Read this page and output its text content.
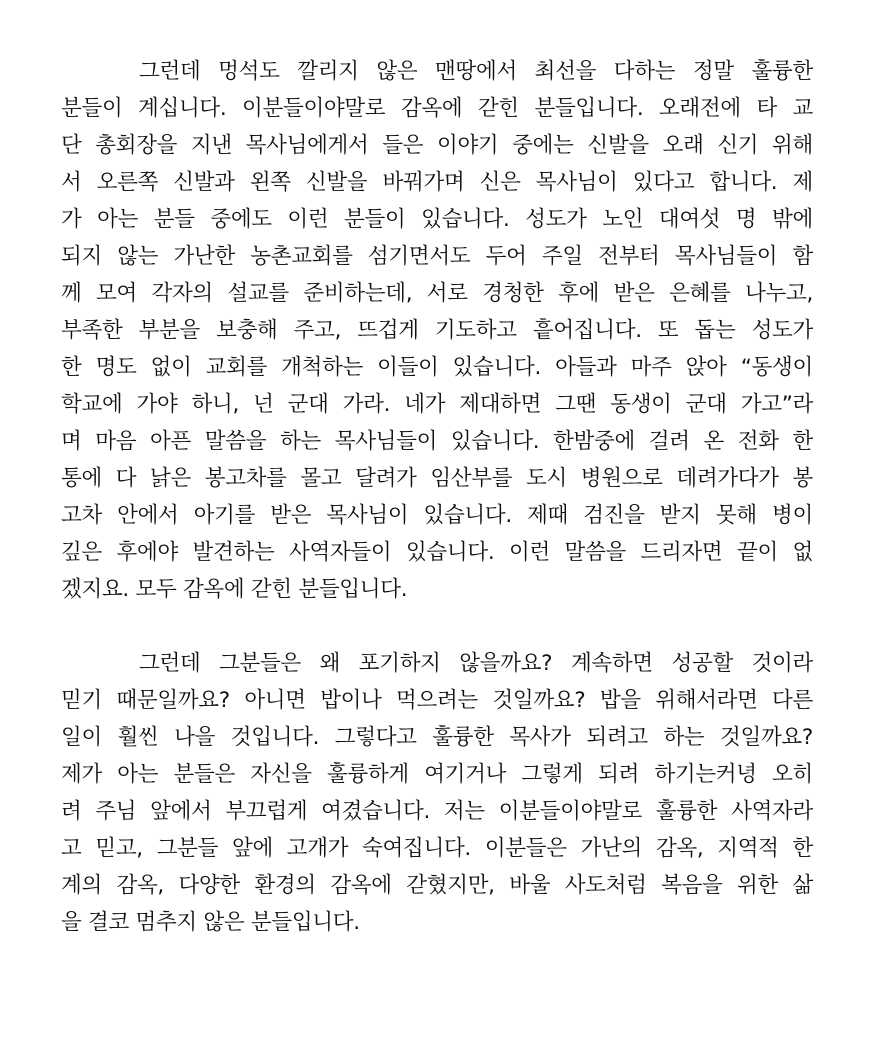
그런데 멍석도 깔리지 않은 맨땅에서 최선을 다하는 정말 훌륭한
분들이 계십니다. 이분들이야말로 감옥에 갇힌 분들입니다. 오래전에 타 교
단 총회장을 지낸 목사님에게서 들은 이야기 중에는 신발을 오래 신기 위해
서 오른쪽 신발과 왼쪽 신발을 바꿔가며 신은 목사님이 있다고 합니다. 제
가 아는 분들 중에도 이런 분들이 있습니다. 성도가 노인 대여섯 명 밖에
되지 않는 가난한 농촌교회를 섬기면서도 두어 주일 전부터 목사님들이 함
께 모여 각자의 설교를 준비하는데, 서로 경청한 후에 받은 은혜를 나누고,
부족한 부분을 보충해 주고, 뜨겁게 기도하고 흩어집니다. 또 돕는 성도가
한 명도 없이 교회를 개척하는 이들이 있습니다. 아들과 마주 앉아 “동생이
학교에 가야 하니, 넌 군대 가라. 네가 제대하면 그땐 동생이 군대 가고”라
며 마음 아픈 말씀을 하는 목사님들이 있습니다. 한밤중에 걸려 온 전화 한
통에 다 낡은 봉고차를 몰고 달려가 임산부를 도시 병원으로 데려가다가 봉
고차 안에서 아기를 받은 목사님이 있습니다. 제때 검진을 받지 못해 병이
깊은 후에야 발견하는 사역자들이 있습니다. 이런 말씀을 드리자면 끝이 없
겠지요. 모두 감옥에 갇힌 분들입니다.

그런데 그분들은 왜 포기하지 않을까요? 계속하면 성공할 것이라
믿기 때문일까요? 아니면 밥이나 먹으려는 것일까요? 밥을 위해서라면 다른
일이 훨씬 나을 것입니다. 그렇다고 훌륭한 목사가 되려고 하는 것일까요?
제가 아는 분들은 자신을 훌륭하게 여기거나 그렇게 되려 하기는커녕 오히
려 주님 앞에서 부끄럽게 여겼습니다. 저는 이분들이야말로 훌륭한 사역자라
고 믿고, 그분들 앞에 고개가 숙여집니다. 이분들은 가난의 감옥, 지역적 한
계의 감옥, 다양한 환경의 감옥에 갇혔지만, 바울 사도처럼 복음을 위한 삶
을 결코 멈추지 않은 분들입니다.
